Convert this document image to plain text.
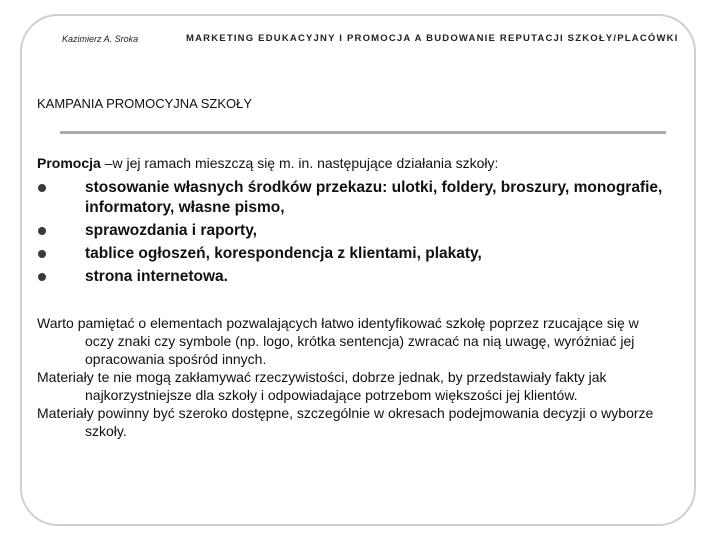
Kazimierz A. Sroka	MARKETING EDUKACYJNY I PROMOCJA A BUDOWANIE REPUTACJI SZKOŁY/PLACÓWKI
KAMPANIA PROMOCYJNA SZKOŁY
Promocja –w jej ramach mieszczą się m. in. następujące działania szkoły:
stosowanie własnych środków przekazu: ulotki, foldery, broszury, monografie, informatory, własne pismo,
sprawozdania i raporty,
tablice ogłoszeń, korespondencja z klientami, plakaty,
strona internetowa.

Warto pamiętać o elementach pozwalających łatwo identyfikować szkołę poprzez rzucające się w oczy znaki czy symbole (np. logo, krótka sentencja) zwracać na nią uwagę, wyróżniać jej opracowania spośród innych.

Materiały te nie mogą zakłamywać rzeczywistości, dobrze jednak, by przedstawiały fakty jak najkorzystniejsze dla szkoły i odpowiadające potrzebom większości jej klientów.

Materiały powinny być szeroko dostępne, szczególnie w okresach podejmowania decyzji o wyborze szkoły.
